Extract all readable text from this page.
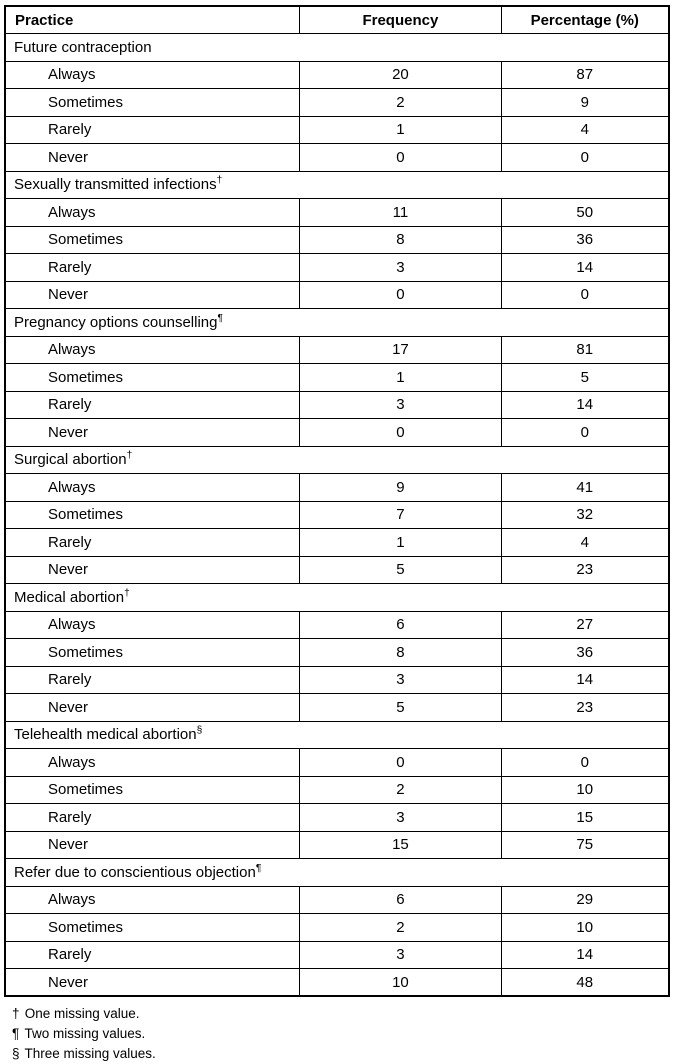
Practice	Frequency	Percentage (%)
Future contraception		
Always	20	87
Sometimes	2	9
Rarely	1	4
Never	0	0
Sexually transmitted infections†
Always	11	50
Sometimes	8	36
Rarely	3	14
Never	0	0
Pregnancy options counselling¶
Always	17	81
Sometimes	1	5
Rarely	3	14
Never	0	0
Surgical abortion†
Always	9	41
Sometimes	7	32
Rarely	1	4
Never	5	23
Medical abortion†
Always	6	27
Sometimes	8	36
Rarely	3	14
Never	5	23
Telehealth medical abortion§
Always	0	0
Sometimes	2	10
Rarely	3	15
Never	15	75
Refer due to conscientious objection¶
Always	6	29
Sometimes	2	10
Rarely	3	14
Never	10	48
† One missing value.
¶ Two missing values.
§ Three missing values.
